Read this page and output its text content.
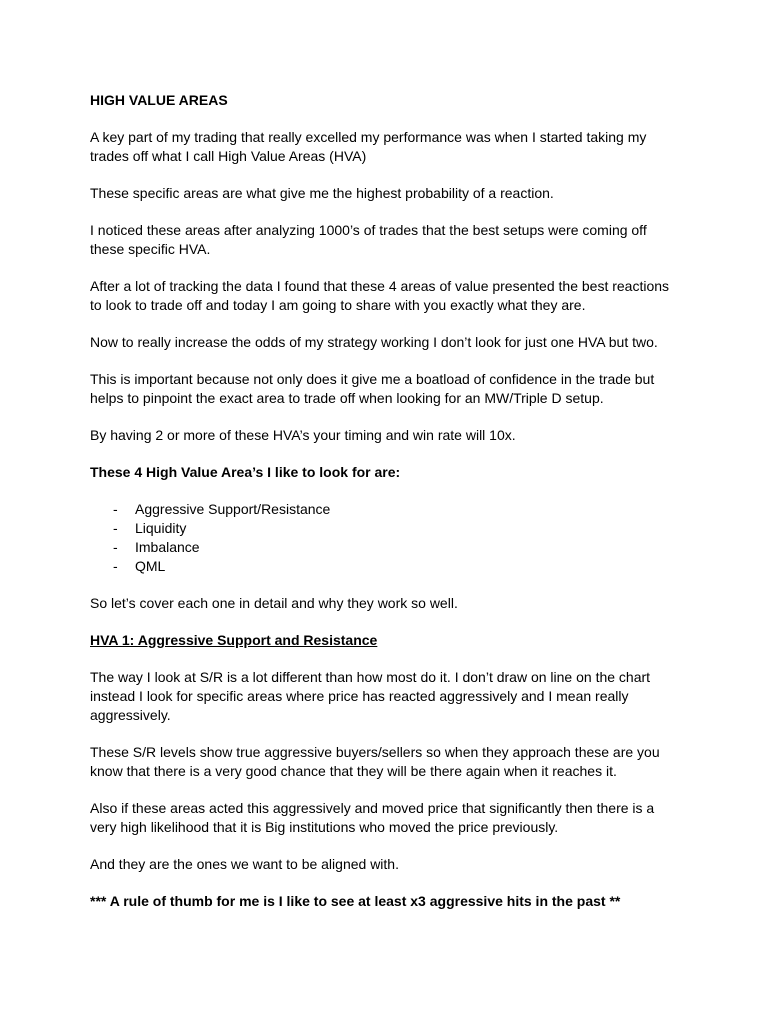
HIGH VALUE AREAS

A key part of my trading that really excelled my performance was when I started taking my trades off what I call High Value Areas (HVA)

These specific areas are what give me the highest probability of a reaction.

I noticed these areas after analyzing 1000’s of trades that the best setups were coming off these specific HVA.

After a lot of tracking the data I found that these 4 areas of value presented the best reactions to look to trade off and today I am going to share with you exactly what they are.

Now to really increase the odds of my strategy working I don’t look for just one HVA but two.

This is important because not only does it give me a boatload of confidence in the trade but helps to pinpoint the exact area to trade off when looking for an MW/Triple D setup.

By having 2 or more of these HVA’s your timing and win rate will 10x.

These 4 High Value Area’s I like to look for are:

- Aggressive Support/Resistance
- Liquidity
- Imbalance
- QML

So let’s cover each one in detail and why they work so well.

HVA 1: Aggressive Support and Resistance

The way I look at S/R is a lot different than how most do it. I don’t draw on line on the chart instead I look for specific areas where price has reacted aggressively and I mean really aggressively.

These S/R levels show true aggressive buyers/sellers so when they approach these are you know that there is a very good chance that they will be there again when it reaches it.

Also if these areas acted this aggressively and moved price that significantly then there is a very high likelihood that it is Big institutions who moved the price previously.

And they are the ones we want to be aligned with.

*** A rule of thumb for me is I like to see at least x3 aggressive hits in the past **
